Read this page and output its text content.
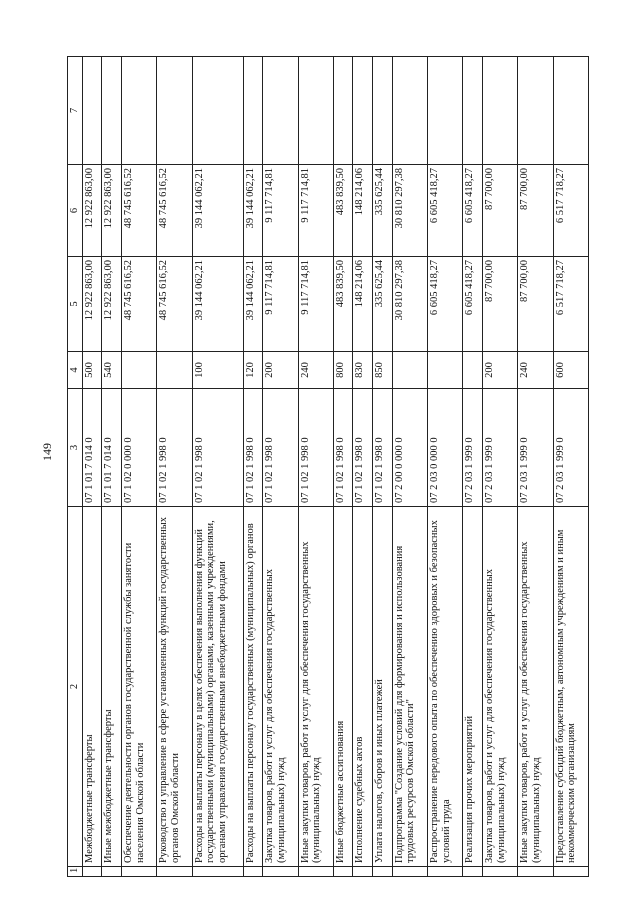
149
1	2	3	4	5	6	7
	Межбюджетные трансферты	07 1 01 7 014 0	500	12 922 863,00	12 922 863,00	
	Иные межбюджетные трансферты	07 1 01 7 014 0	540	12 922 863,00	12 922 863,00	
	Обеспечение деятельности органов государственной службы занятости населения Омской области	07 1 02 0 000 0		48 745 616,52	48 745 616,52	
	Руководство и управление в сфере установленных функций государственных органов Омской области	07 1 02 1 998 0		48 745 616,52	48 745 616,52	
	Расходы на выплаты персоналу в целях обеспечения выполнения функций государственными (муниципальными) органами, казенными учреждениями, органами управления государственными внебюджетными фондами	07 1 02 1 998 0	100	39 144 062,21	39 144 062,21	
	Расходы на выплаты персоналу государственных (муниципальных) органов	07 1 02 1 998 0	120	39 144 062,21	39 144 062,21	
	Закупка товаров, работ и услуг для обеспечения государственных (муниципальных) нужд	07 1 02 1 998 0	200	9 117 714,81	9 117 714,81	
	Иные закупки товаров, работ и услуг для обеспечения государственных (муниципальных) нужд	07 1 02 1 998 0	240	9 117 714,81	9 117 714,81	
	Иные бюджетные ассигнования	07 1 02 1 998 0	800	483 839,50	483 839,50	
	Исполнение судебных актов	07 1 02 1 998 0	830	148 214,06	148 214,06	
	Уплата налогов, сборов и иных платежей	07 1 02 1 998 0	850	335 625,44	335 625,44	
	Подпрограмма "Создание условий для формирования и использования трудовых ресурсов Омской области"	07 2 00 0 000 0		30 810 297,38	30 810 297,38	
	Распространение передового опыта по обеспечению здоровых и безопасных условий труда	07 2 03 0 000 0		6 605 418,27	6 605 418,27	
	Реализация прочих мероприятий	07 2 03 1 999 0		6 605 418,27	6 605 418,27	
	Закупка товаров, работ и услуг для обеспечения государственных (муниципальных) нужд	07 2 03 1 999 0	200	87 700,00	87 700,00	
	Иные закупки товаров, работ и услуг для обеспечения государственных (муниципальных) нужд	07 2 03 1 999 0	240	87 700,00	87 700,00	
	Предоставление субсидий бюджетным, автономным учреждениям и иным некоммерческим организациям	07 2 03 1 999 0	600	6 517 718,27	6 517 718,27	
